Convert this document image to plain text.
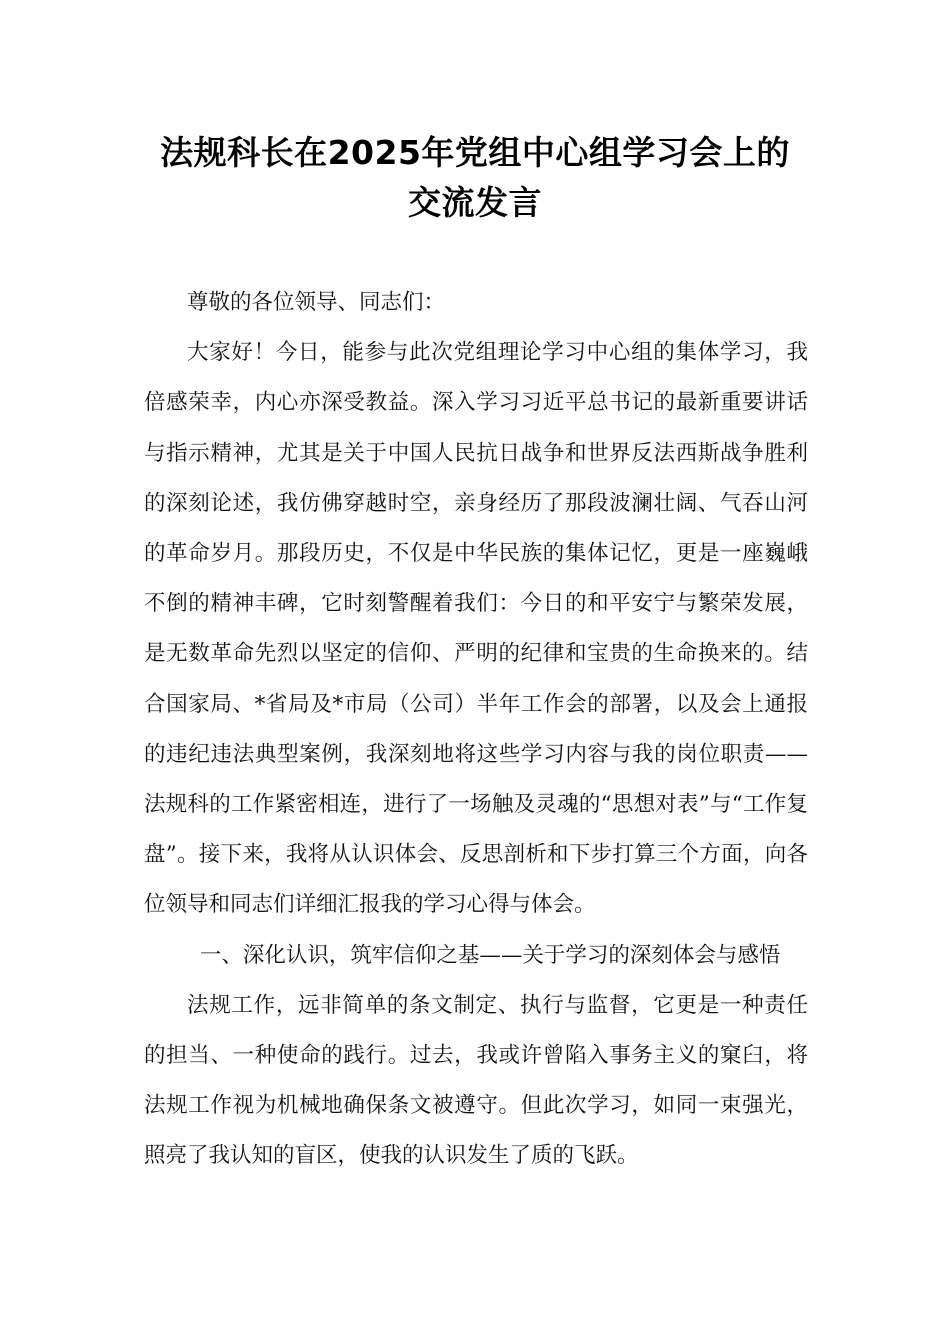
法规科长在2025年党组中心组学习会上的
交流发言

尊敬的各位领导、同志们：

大家好！今日，能参与此次党组理论学习中心组的集体学习，我倍感荣幸，内心亦深受教益。深入学习习近平总书记的最新重要讲话与指示精神，尤其是关于中国人民抗日战争和世界反法西斯战争胜利的深刻论述，我仿佛穿越时空，亲身经历了那段波澜壮阔、气吞山河的革命岁月。那段历史，不仅是中华民族的集体记忆，更是一座巍峨不倒的精神丰碑，它时刻警醒着我们：今日的和平安宁与繁荣发展，是无数革命先烈以坚定的信仰、严明的纪律和宝贵的生命换来的。结合国家局、*省局及*市局（公司）半年工作会的部署，以及会上通报的违纪违法典型案例，我深刻地将这些学习内容与我的岗位职责——法规科的工作紧密相连，进行了一场触及灵魂的“思想对表”与“工作复盘”。接下来，我将从认识体会、反思剖析和下步打算三个方面，向各位领导和同志们详细汇报我的学习心得与体会。

一、深化认识，筑牢信仰之基——关于学习的深刻体会与感悟

法规工作，远非简单的条文制定、执行与监督，它更是一种责任的担当、一种使命的践行。过去，我或许曾陷入事务主义的窠臼，将法规工作视为机械地确保条文被遵守。但此次学习，如同一束强光，照亮了我认知的盲区，使我的认识发生了质的飞跃。
